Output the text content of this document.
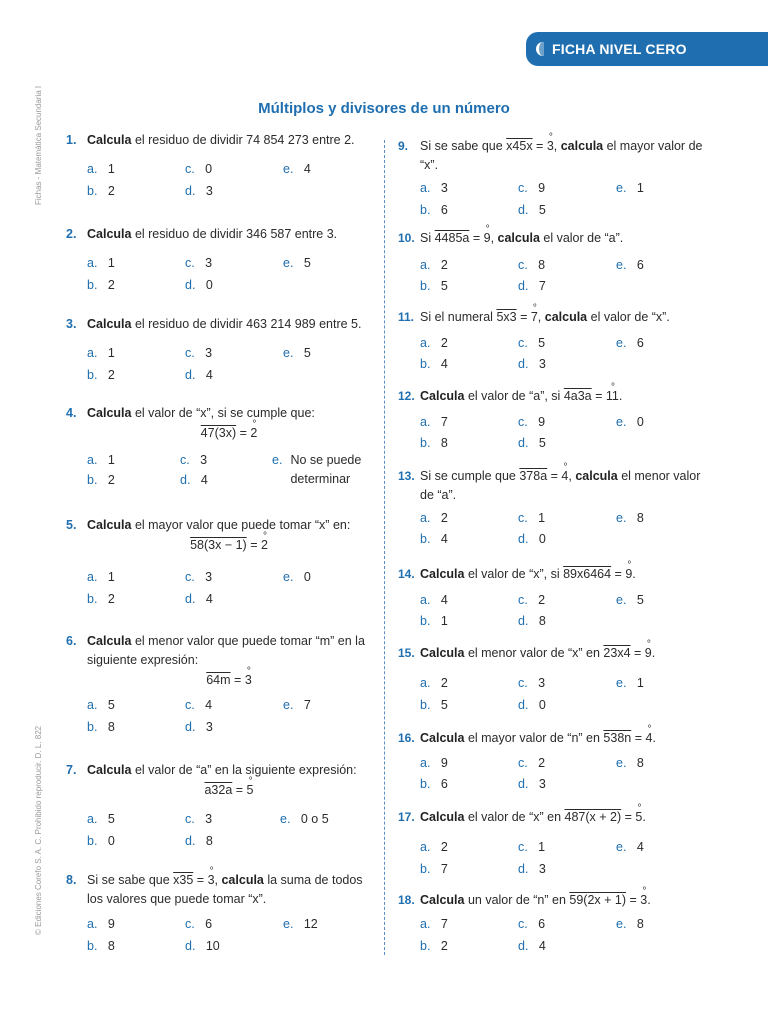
FICHA NIVEL CERO
Múltiplos y divisores de un número
Fichas - Matemática Secundaria I
© Ediciones Corefo S. A. C. Prohibido reproducir. D. L. 822
1. Calcula el residuo de dividir 74 854 273 entre 2.
a. 1
b. 2
c. 0
d. 3
e. 4
2. Calcula el residuo de dividir 346 587 entre 3.
a. 1
b. 2
c. 3
d. 0
e. 5
3. Calcula el residuo de dividir 463 214 989 entre 5.
a. 1
b. 2
c. 3
d. 4
e. 5
4. Calcula el valor de “x”, si se cumple que:
47(3x) = ° 2
a. 1
b. 2
c. 3
d. 4
e. No se puede determinar
5. Calcula el mayor valor que puede tomar “x” en:
58(3x − 1) = ° 2
a. 1
b. 2
c. 3
d. 4
e. 0
6. Calcula el menor valor que puede tomar “m” en la siguiente expresión:
64m = ° 3
a. 5
b. 8
c. 4
d. 3
e. 7
7. Calcula el valor de “a” en la siguiente expresión:
a32a = ° 5
a. 5
b. 0
c. 3
d. 8
e. 0 o 5
8. Si se sabe que x35 = ° 3, calcula la suma de todos los valores que puede tomar “x”.
a. 9
b. 8
c. 6
d. 10
e. 12
9. Si se sabe que x45x = ° 3, calcula el mayor valor de “x”.
a. 3
b. 6
c. 9
d. 5
e. 1
10. Si 4485a = ° 9, calcula el valor de “a”.
a. 2
b. 5
c. 8
d. 7
e. 6
11. Si el numeral 5x3 = ° 7, calcula el valor de “x”.
a. 2
b. 4
c. 5
d. 3
e. 6
12. Calcula el valor de “a”, si 4a3a = ° 11.
a. 7
b. 8
c. 9
d. 5
e. 0
13. Si se cumple que 378a = ° 4, calcula el menor valor de “a”.
a. 2
b. 4
c. 1
d. 0
e. 8
14. Calcula el valor de “x”, si 89x6464 = ° 9.
a. 4
b. 1
c. 2
d. 8
e. 5
15. Calcula el menor valor de “x” en 23x4 = ° 9.
a. 2
b. 5
c. 3
d. 0
e. 1
16. Calcula el mayor valor de “n” en 538n = ° 4.
a. 9
b. 6
c. 2
d. 3
e. 8
17. Calcula el valor de “x” en 487(x + 2) = ° 5.
a. 2
b. 7
c. 1
d. 3
e. 4
18. Calcula un valor de “n” en 59(2x + 1) = ° 3.
a. 7
b. 2
c. 6
d. 4
e. 8
